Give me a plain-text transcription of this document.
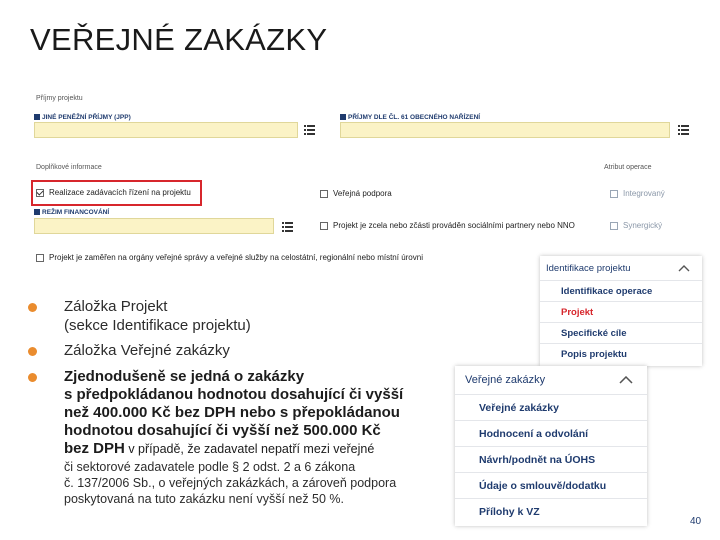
VEŘEJNÉ ZAKÁZKY
Příjmy projektu
JINÉ PENĚŽNÍ PŘÍJMY (JPP)	PŘÍJMY DLE ČL. 61 OBECNÉHO NAŘÍZENÍ
Doplňkové informace	Atribut operace
Realizace zadávacích řízení na projektu	Veřejná podpora	Integrovaný
REŽIM FINANCOVÁNÍ
Projekt je zcela nebo zčásti prováděn sociálními partnery nebo NNO	Synergický
Projekt je zaměřen na orgány veřejné správy a veřejné služby na celostátní, regionální nebo místní úrovni
Záložka Projekt
(sekce Identifikace projektu)
Záložka Veřejné zakázky
Zjednodušeně se jedná o zakázky
s předpokládanou hodnotou dosahující či vyšší
než 400.000 Kč bez DPH nebo s přepokládanou
hodnotou dosahující či vyšší než 500.000 Kč
bez DPH v případě, že zadavatel nepatří mezi veřejné
či sektorové zadavatele podle § 2 odst. 2 a 6 zákona
č. 137/2006 Sb., o veřejných zakázkách, a zároveň podpora
poskytovaná na tuto zakázku není vyšší než 50 %.
Identifikace projektu
Identifikace operace
Projekt
Specifické cíle
Popis projektu
Veřejné zakázky
Veřejné zakázky
Hodnocení a odvolání
Návrh/podnět na ÚOHS
Údaje o smlouvě/dodatku
Přílohy k VZ
40
